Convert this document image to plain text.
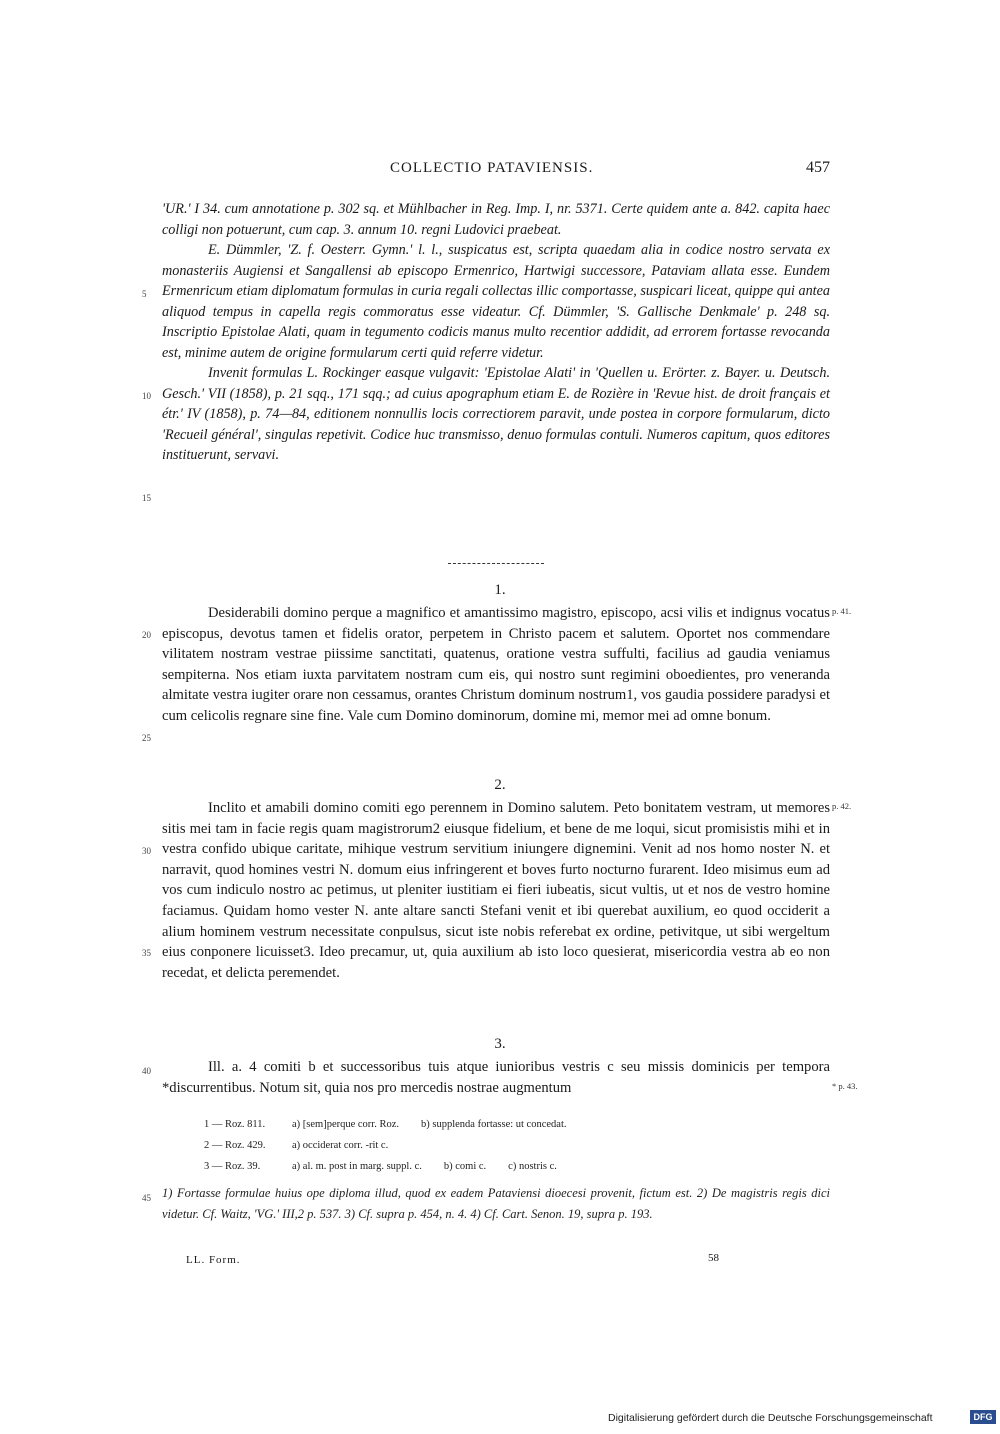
COLLECTIO PATAVIENSIS.	457
'UR.' I 34. cum annotatione p. 302 sq. et Mühlbacher in Reg. Imp. I, nr. 5371. Certe quidem ante a. 842. capita haec colligi non potuerunt, cum cap. 3. annum 10. regni Ludovici praebeat.
E. Dümmler, 'Z. f. Oesterr. Gymn.' l. l., suspicatus est, scripta quaedam alia in codice nostro servata ex monasteriis Augiensi et Sangallensi ab episcopo Ermenrico, Hartwigi successore, Pataviam allata esse. Eundem Ermenricum etiam diplomatum formulas in curia regali collectas illic comportasse, suspicari liceat, quippe qui antea aliquod tempus in capella regis commoratus esse videatur. Cf. Dümmler, 'S. Gallische Denkmale' p. 248 sq. Inscriptio Epistolae Alati, quam in tegumento codicis manus multo recentior addidit, ad errorem fortasse revocanda est, minime autem de origine formularum certi quid referre videtur.
Invenit formulas L. Rockinger easque vulgavit: 'Epistolae Alati' in 'Quellen u. Erörter. z. Bayer. u. Deutsch. Gesch.' VII (1858), p. 21 sqq., 171 sqq.; ad cuius apographum etiam E. de Rozière in 'Revue hist. de droit français et étr.' IV (1858), p. 74—84, editionem nonnullis locis correctiorem paravit, unde postea in corpore formularum, dicto 'Recueil général', singulas repetivit. Codice huc transmisso, denuo formulas contuli. Numeros capitum, quos editores instituerunt, servavi.
5
10
15
20
25
30
35
40
45
1.
Desiderabili domino perque a magnifico et amantissimo magistro, episcopo, acsi vilis et indignus vocatus episcopus, devotus tamen et fidelis orator, perpetem in Christo pacem et salutem. Oportet nos commendare vilitatem nostram vestrae piissime sanctitati, quatenus, oratione vestra suffulti, facilius ad gaudia veniamus sempiterna. Nos etiam iuxta parvitatem nostram cum eis, qui nostro sunt regimini oboedientes, pro veneranda almitate vestra iugiter orare non cessamus, orantes Christum dominum nostrum1, vos gaudia possidere paradysi et cum celicolis regnare sine fine. Vale cum Domino dominorum, domine mi, memor mei ad omne bonum.
p. 41.
2.
Inclito et amabili domino comiti ego perennem in Domino salutem. Peto bonitatem vestram, ut memores sitis mei tam in facie regis quam magistrorum2 eiusque fidelium, et bene de me loqui, sicut promisistis mihi et in vestra confido ubique caritate, mihique vestrum servitium iniungere dignemini. Venit ad nos homo noster N. et narravit, quod homines vestri N. domum eius infringerent et boves furto nocturno furarent. Ideo misimus eum ad vos cum indiculo nostro ac petimus, ut pleniter iustitiam ei fieri iubeatis, sicut vultis, ut et nos de vestro homine faciamus. Quidam homo vester N. ante altare sancti Stefani venit et ibi querebat auxilium, eo quod occiderit a alium hominem vestrum necessitate conpulsus, sicut iste nobis referebat ex ordine, petivitque, ut sibi wergeltum eius conponere licuisset3. Ideo precamur, ut, quia auxilium ab isto loco quesierat, misericordia vestra ab eo non recedat, et delicta peremendet.
p. 42.
3.
Ill. a. 4 comiti b et successoribus tuis atque iunioribus vestris c seu missis dominicis per tempora *discurrentibus. Notum sit, quia nos pro mercedis nostrae augmentum	* p. 43.
1 — Roz. 811.	a) [sem]perque corr. Roz. b) supplenda fortasse: ut concedat.
2 — Roz. 429.	a) occiderat corr. -rit c.
3 — Roz. 39.	a) al. m. post in marg. suppl. c. b) comi c. c) nostris c.
1) Fortasse formulae huius ope diploma illud, quod ex eadem Pataviensi dioecesi provenit, fictum est. 2) De magistris regis dici videtur. Cf. Waitz, 'VG.' III,2 p. 537. 3) Cf. supra p. 454, n. 4. 4) Cf. Cart. Senon. 19, supra p. 193.
LL. Form.	58
Digitalisierung gefördert durch die Deutsche Forschungsgemeinschaft	DFG
